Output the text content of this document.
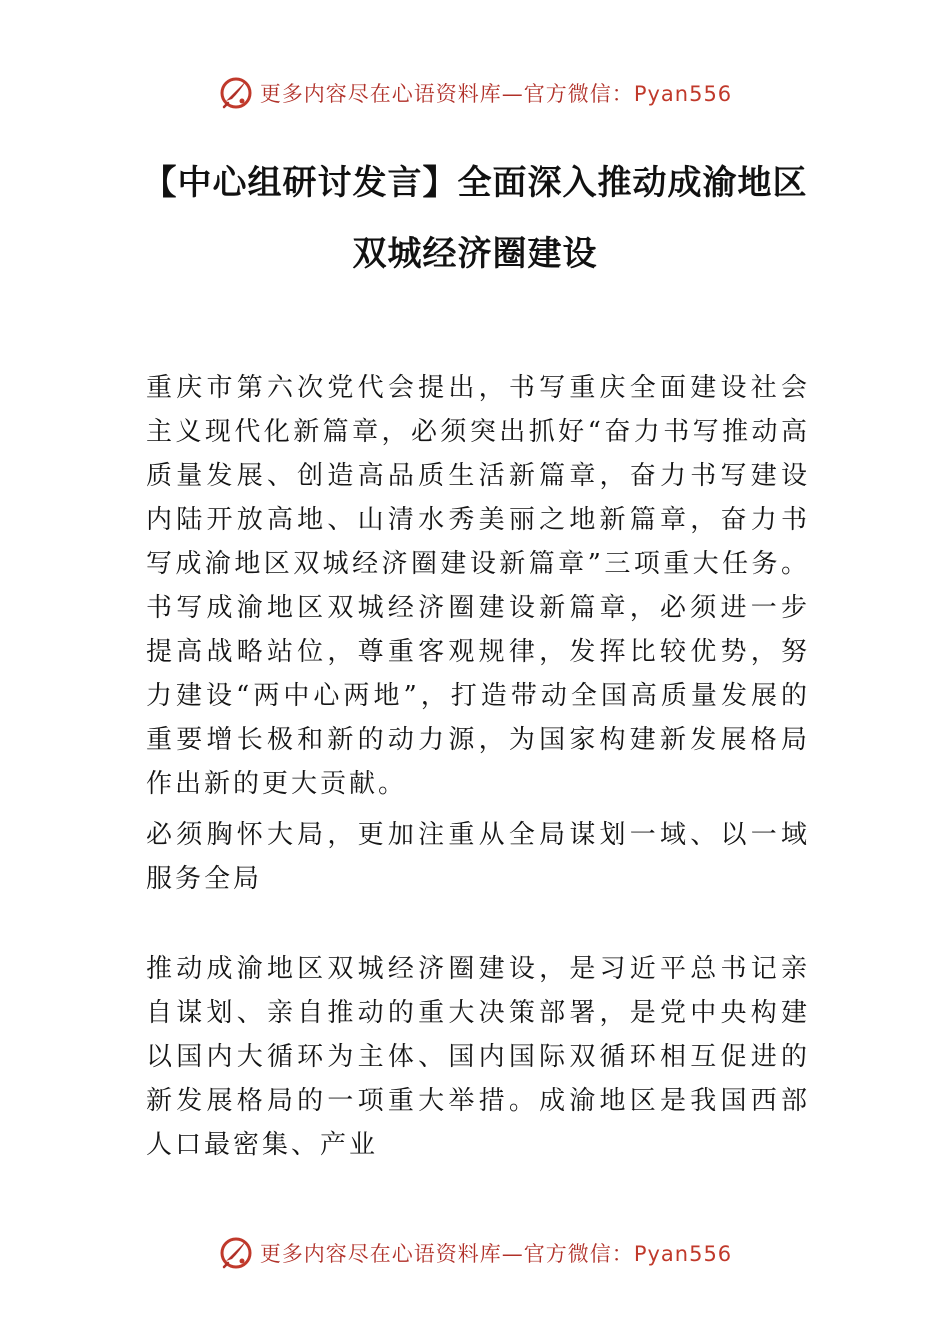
更多内容尽在心语资料库—官方微信：Pyan556
【中心组研讨发言】全面深入推动成渝地区
双城经济圈建设

重庆市第六次党代会提出，书写重庆全面建设社会主义现代化新篇章，必须突出抓好“奋力书写推动高质量发展、创造高品质生活新篇章，奋力书写建设内陆开放高地、山清水秀美丽之地新篇章，奋力书写成渝地区双城经济圈建设新篇章”三项重大任务。书写成渝地区双城经济圈建设新篇章，必须进一步提高战略站位，尊重客观规律，发挥比较优势，努力建设“两中心两地”，打造带动全国高质量发展的重要增长极和新的动力源，为国家构建新发展格局作出新的更大贡献。

必须胸怀大局，更加注重从全局谋划一域、以一域服务全局

推动成渝地区双城经济圈建设，是习近平总书记亲自谋划、亲自推动的重大决策部署，是党中央构建以国内大循环为主体、国内国际双循环相互促进的新发展格局的一项重大举措。成渝地区是我国西部人口最密集、产业

更多内容尽在心语资料库—官方微信：Pyan556
